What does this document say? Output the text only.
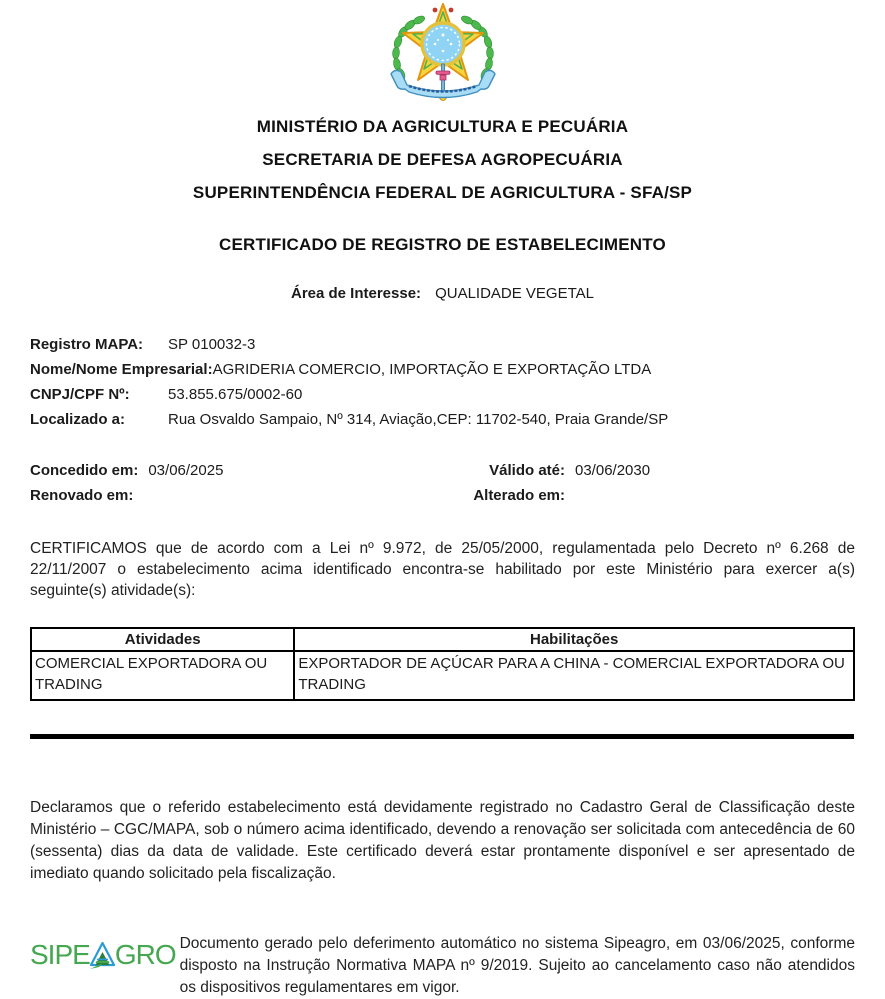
MINISTÉRIO DA AGRICULTURA E PECUÁRIA
SECRETARIA DE DEFESA AGROPECUÁRIA
SUPERINTENDÊNCIA FEDERAL DE AGRICULTURA - SFA/SP
CERTIFICADO DE REGISTRO DE ESTABELECIMENTO
Área de Interesse: QUALIDADE VEGETAL
Registro MAPA:	SP 010032-3
Nome/Nome Empresarial: AGRIDERIA COMERCIO, IMPORTAÇÃO E EXPORTAÇÃO LTDA
CNPJ/CPF Nº:	53.855.675/0002-60
Localizado a:	Rua Osvaldo Sampaio, Nº 314, Aviação,CEP: 11702-540, Praia Grande/SP
Concedido em: 03/06/2025	Válido até: 03/06/2030
Renovado em:	Alterado em:
CERTIFICAMOS que de acordo com a Lei nº 9.972, de 25/05/2000, regulamentada pelo Decreto nº 6.268 de 22/11/2007 o estabelecimento acima identificado encontra-se habilitado por este Ministério para exercer a(s) seguinte(s) atividade(s):
Atividades	Habilitações
COMERCIAL EXPORTADORA OU TRADING	EXPORTADOR DE AÇÚCAR PARA A CHINA - COMERCIAL EXPORTADORA OU TRADING
Declaramos que o referido estabelecimento está devidamente registrado no Cadastro Geral de Classificação deste Ministério – CGC/MAPA, sob o número acima identificado, devendo a renovação ser solicitada com antecedência de 60 (sessenta) dias da data de validade. Este certificado deverá estar prontamente disponível e ser apresentado de imediato quando solicitado pela fiscalização.
SIPE GRO Documento gerado pelo deferimento automático no sistema Sipeagro, em 03/06/2025, conforme disposto na Instrução Normativa MAPA nº 9/2019. Sujeito ao cancelamento caso não atendidos os dispositivos regulamentares em vigor.
